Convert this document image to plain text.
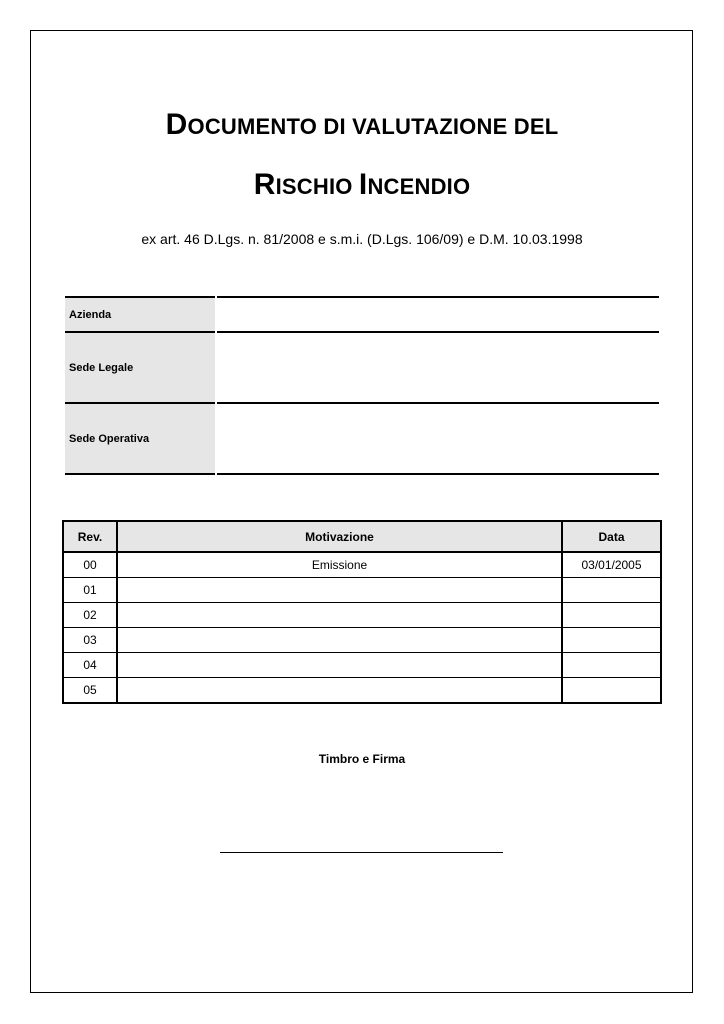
DOCUMENTO DI VALUTAZIONE DEL
RISCHIO INCENDIO
ex art. 46 D.Lgs. n. 81/2008 e s.m.i. (D.Lgs. 106/09) e D.M. 10.03.1998
Azienda	
Sede Legale	
Sede Operativa	
Rev.	Motivazione	Data
00	Emissione	03/01/2005
01		
02		
03		
04		
05		
Timbro e Firma
